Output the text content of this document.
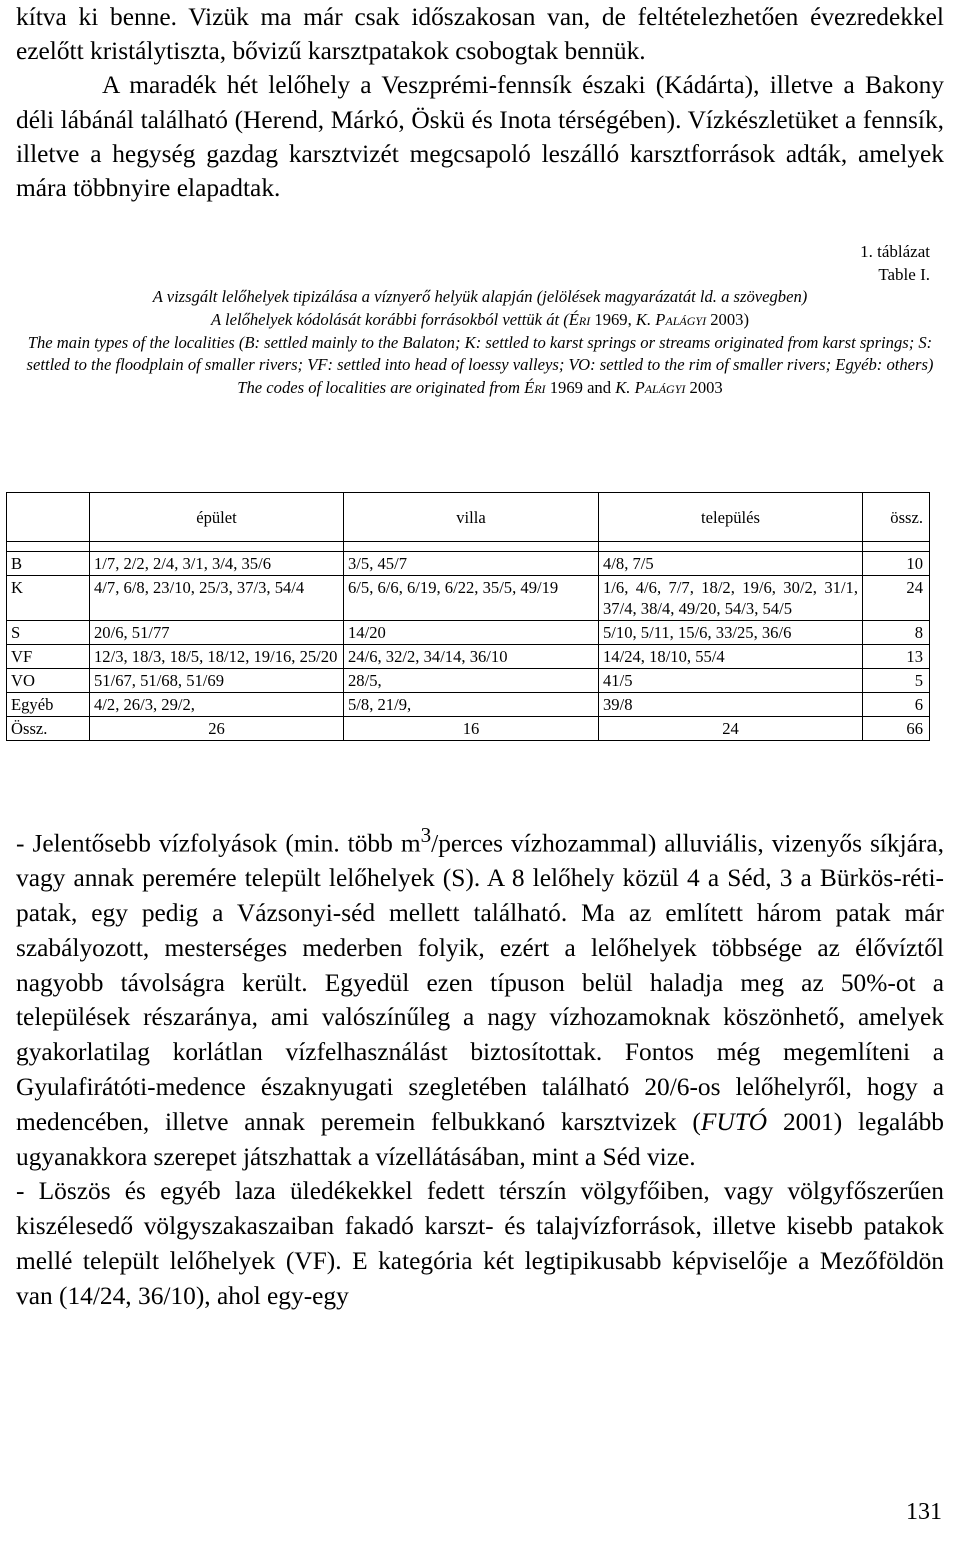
kítva ki benne. Vizük ma már csak időszakosan van, de feltételezhetően évezredekkel ezelőtt kristálytiszta, bővizű karsztpatakok csobogtak bennük.

A maradék hét lelőhely a Veszprémi-fennsík északi (Kádárta), illetve a Bakony déli lábánál található (Herend, Márkó, Öskü és Inota térségében). Vízkészletüket a fennsík, illetve a hegység gazdag karsztvizét megcsapoló leszálló karsztforrások adták, amelyek mára többnyire elapadtak.

1. táblázat
Table I.
A vizsgált lelőhelyek tipizálása a víznyerő helyük alapján (jelölések magyarázatát ld. a szövegben)
A lelőhelyek kódolását korábbi forrásokból vettük át (Éri 1969, K. Palágyi 2003)
The main types of the localities (B: settled mainly to the Balaton; K: settled to karst springs or streams originated from karst springs; S: settled to the floodplain of smaller rivers; VF: settled into head of loessy valleys; VO: settled to the rim of smaller rivers; Egyéb: others)
The codes of localities are originated from Éri 1969 and K. Palágyi 2003
	épület	villa	település	össz.

B	1/7, 2/2, 2/4, 3/1, 3/4, 35/6	3/5, 45/7	4/8, 7/5	10
K	4/7, 6/8, 23/10, 25/3, 37/3, 54/4	6/5, 6/6, 6/19, 6/22, 35/5, 49/19	1/6, 4/6, 7/7, 18/2, 19/6, 30/2, 31/1, 37/4, 38/4, 49/20, 54/3, 54/5	24
S	20/6, 51/77	14/20	5/10, 5/11, 15/6, 33/25, 36/6	8
VF	12/3, 18/3, 18/5, 18/12, 19/16, 25/20	24/6, 32/2, 34/14, 36/10	14/24, 18/10, 55/4	13
VO	51/67, 51/68, 51/69	28/5,	41/5	5
Egyéb	4/2, 26/3, 29/2,	5/8, 21/9,	39/8	6
Össz.	26	16	24	66

- Jelentősebb vízfolyások (min. több $m^3$/perces vízhozammal) alluviális, vizenyős síkjára, vagy annak peremére települt lelőhelyek (S). A 8 lelőhely közül 4 a Séd, 3 a Bürkös-réti-patak, egy pedig a Vázsonyi-séd mellett található. Ma az említett három patak már szabályozott, mesterséges mederben folyik, ezért a lelőhelyek többsége az élővíztől nagyobb távolságra került. Egyedül ezen típuson belül haladja meg az 50%-ot a települések részaránya, ami valószínűleg a nagy vízhozamoknak köszönhető, amelyek gyakorlatilag korlátlan vízfelhasználást biztosítottak. Fontos még megemlíteni a Gyulafirátóti-medence északnyugati szegletében található 20/6-os lelőhelyről, hogy a medencében, illetve annak peremein felbukkanó karsztvizek (FUTÓ 2001) legalább ugyanakkora szerepet játszhattak a vízellátásában, mint a Séd vize.

- Löszös és egyéb laza üledékekkel fedett térszín völgyfőiben, vagy völgyfőszerűen kiszélesedő völgyszakaszaiban fakadó karszt- és talajvízforrások, illetve kisebb patakok mellé települt lelőhelyek (VF). E kategória két legtipikusabb képviselője a Mezőföldön van (14/24, 36/10), ahol egy-egy

131
